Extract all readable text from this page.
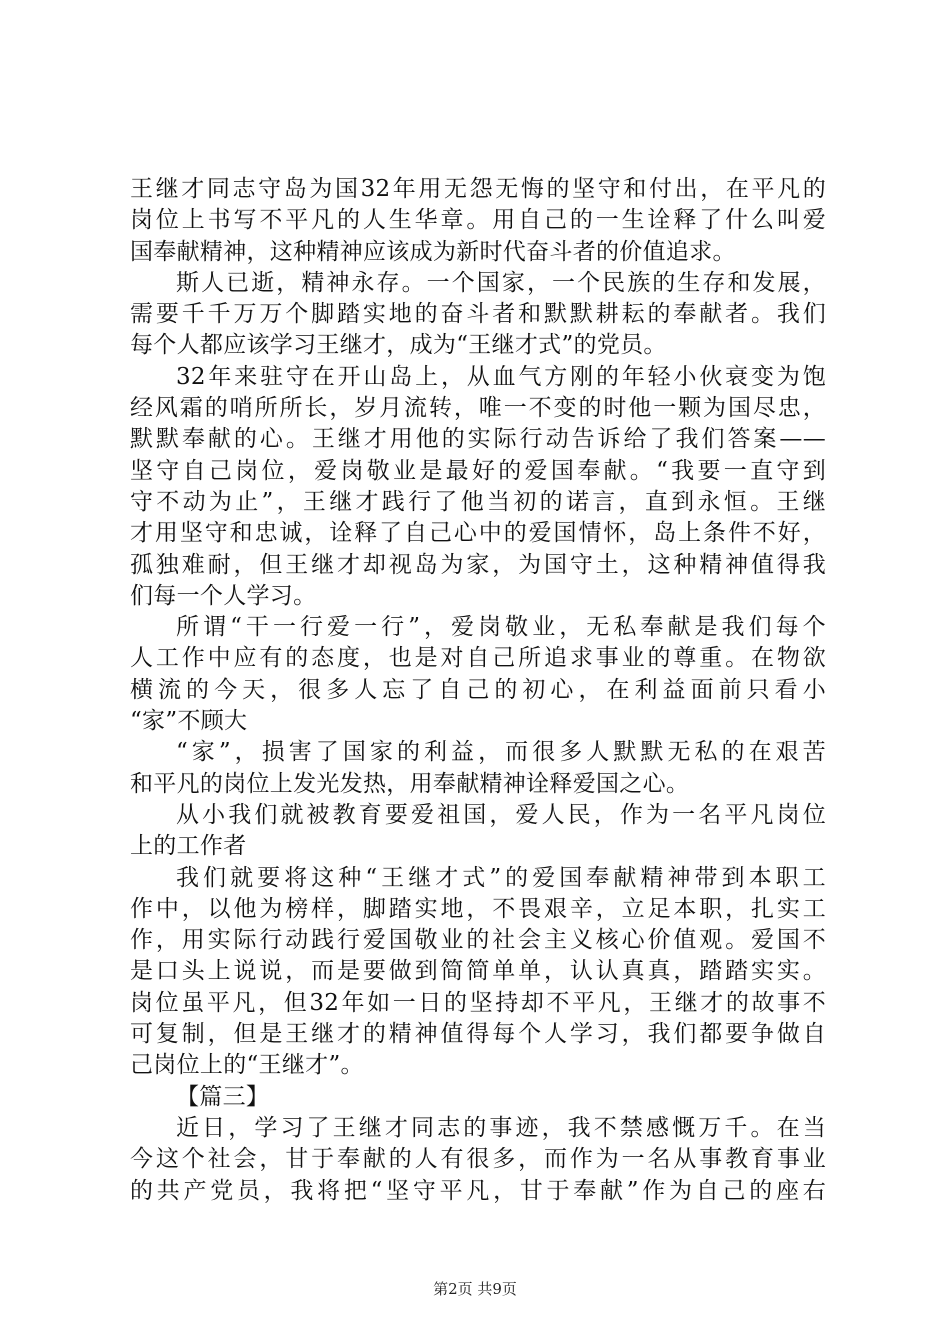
王继才同志守岛为国32年用无怨无悔的坚守和付出，在平凡的
岗位上书写不平凡的人生华章。用自己的一生诠释了什么叫爱
国奉献精神，这种精神应该成为新时代奋斗者的价值追求。
斯人已逝，精神永存。一个国家，一个民族的生存和发展，
需要千千万万个脚踏实地的奋斗者和默默耕耘的奉献者。我们
每个人都应该学习王继才，成为“王继才式”的党员。
32年来驻守在开山岛上，从血气方刚的年轻小伙衰变为饱
经风霜的哨所所长，岁月流转，唯一不变的时他一颗为国尽忠，
默默奉献的心。王继才用他的实际行动告诉给了我们答案——
坚守自己岗位，爱岗敬业是最好的爱国奉献。“我要一直守到
守不动为止”，王继才践行了他当初的诺言，直到永恒。王继
才用坚守和忠诚，诠释了自己心中的爱国情怀，岛上条件不好，
孤独难耐，但王继才却视岛为家，为国守土，这种精神值得我
们每一个人学习。
所谓“干一行爱一行”，爱岗敬业，无私奉献是我们每个
人工作中应有的态度，也是对自己所追求事业的尊重。在物欲
横流的今天，很多人忘了自己的初心，在利益面前只看小
“家”不顾大
“家”，损害了国家的利益，而很多人默默无私的在艰苦
和平凡的岗位上发光发热，用奉献精神诠释爱国之心。
从小我们就被教育要爱祖国，爱人民，作为一名平凡岗位
上的工作者
我们就要将这种“王继才式”的爱国奉献精神带到本职工
作中，以他为榜样，脚踏实地，不畏艰辛，立足本职，扎实工
作，用实际行动践行爱国敬业的社会主义核心价值观。爱国不
是口头上说说，而是要做到简简单单，认认真真，踏踏实实。
岗位虽平凡，但32年如一日的坚持却不平凡，王继才的故事不
可复制，但是王继才的精神值得每个人学习，我们都要争做自
己岗位上的“王继才”。
【篇三】
近日，学习了王继才同志的事迹，我不禁感慨万千。在当
今这个社会，甘于奉献的人有很多，而作为一名从事教育事业
的共产党员，我将把“坚守平凡，甘于奉献”作为自己的座右
第2页 共9页
